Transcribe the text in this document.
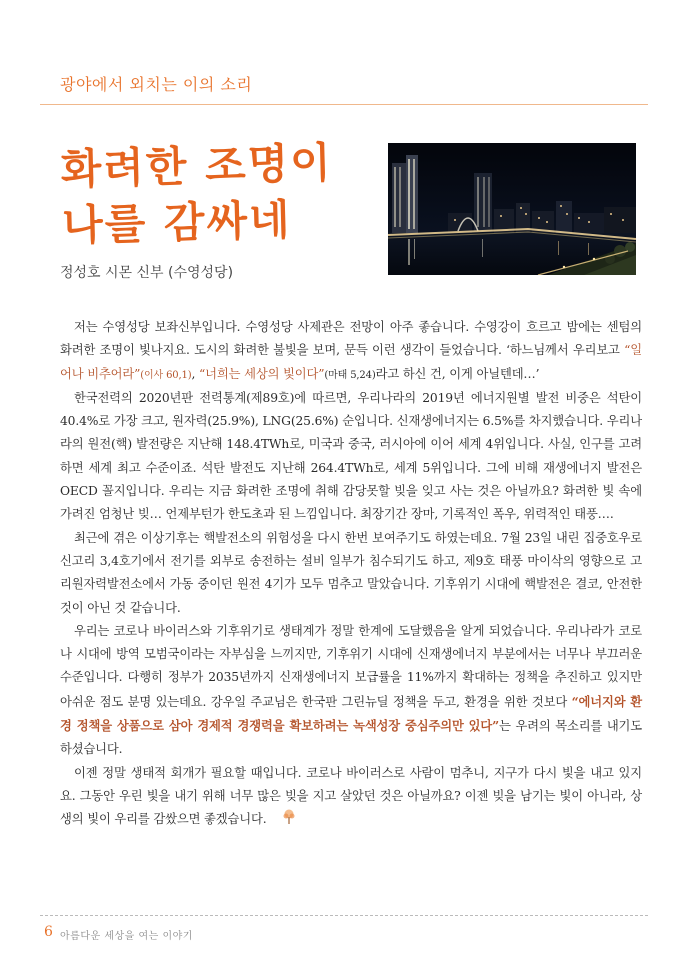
광야에서 외치는 이의 소리
화려한 조명이
나를 감싸네
정성호 시몬 신부 (수영성당)

저는 수영성당 보좌신부입니다. 수영성당 사제관은 전망이 아주 좋습니다. 수영강이 흐르고 밤에는 센텀의 화려한 조명이 빛나지요. 도시의 화려한 불빛을 보며, 문득 이런 생각이 들었습니다. ‘하느님께서 우리보고 “일어나 비추어라”(이사 60,1), “너희는 세상의 빛이다”(마태 5,24)라고 하신 건, 이게 아닐텐데…’

한국전력의 2020년판 전력통계(제89호)에 따르면, 우리나라의 2019년 에너지원별 발전 비중은 석탄이 40.4%로 가장 크고, 원자력(25.9%), LNG(25.6%) 순입니다. 신재생에너지는 6.5%를 차지했습니다. 우리나라의 원전(핵) 발전량은 지난해 148.4TWh로, 미국과 중국, 러시아에 이어 세계 4위입니다. 사실, 인구를 고려하면 세계 최고 수준이죠. 석탄 발전도 지난해 264.4TWh로, 세계 5위입니다. 그에 비해 재생에너지 발전은 OECD 꼴지입니다. 우리는 지금 화려한 조명에 취해 감당못할 빚을 잊고 사는 것은 아닐까요? 화려한 빛 속에 가려진 엄청난 빚… 언제부턴가 한도초과 된 느낌입니다. 최장기간 장마, 기록적인 폭우, 위력적인 태풍….

최근에 겪은 이상기후는 핵발전소의 위험성을 다시 한번 보여주기도 하였는데요. 7월 23일 내린 집중호우로 신고리 3,4호기에서 전기를 외부로 송전하는 설비 일부가 침수되기도 하고, 제9호 태풍 마이삭의 영향으로 고리원자력발전소에서 가동 중이던 원전 4기가 모두 멈추고 말았습니다. 기후위기 시대에 핵발전은 결코, 안전한 것이 아닌 것 같습니다.

우리는 코로나 바이러스와 기후위기로 생태계가 정말 한계에 도달했음을 알게 되었습니다. 우리나라가 코로나 시대에 방역 모범국이라는 자부심을 느끼지만, 기후위기 시대에 신재생에너지 부분에서는 너무나 부끄러운 수준입니다. 다행히 정부가 2035년까지 신재생에너지 보급률을 11%까지 확대하는 정책을 추진하고 있지만 아쉬운 점도 분명 있는데요. 강우일 주교님은 한국판 그린뉴딜 정책을 두고, 환경을 위한 것보다 “에너지와 환경 정책을 상품으로 삼아 경제적 경쟁력을 확보하려는 녹색성장 중심주의만 있다”는 우려의 목소리를 내기도 하셨습니다.

이젠 정말 생태적 회개가 필요할 때입니다. 코로나 바이러스로 사람이 멈추니, 지구가 다시 빛을 내고 있지요. 그동안 우린 빛을 내기 위해 너무 많은 빚을 지고 살았던 것은 아닐까요? 이젠 빚을 남기는 빛이 아니라, 상생의 빛이 우리를 감쌌으면 좋겠습니다.

6 아름다운 세상을 여는 이야기
